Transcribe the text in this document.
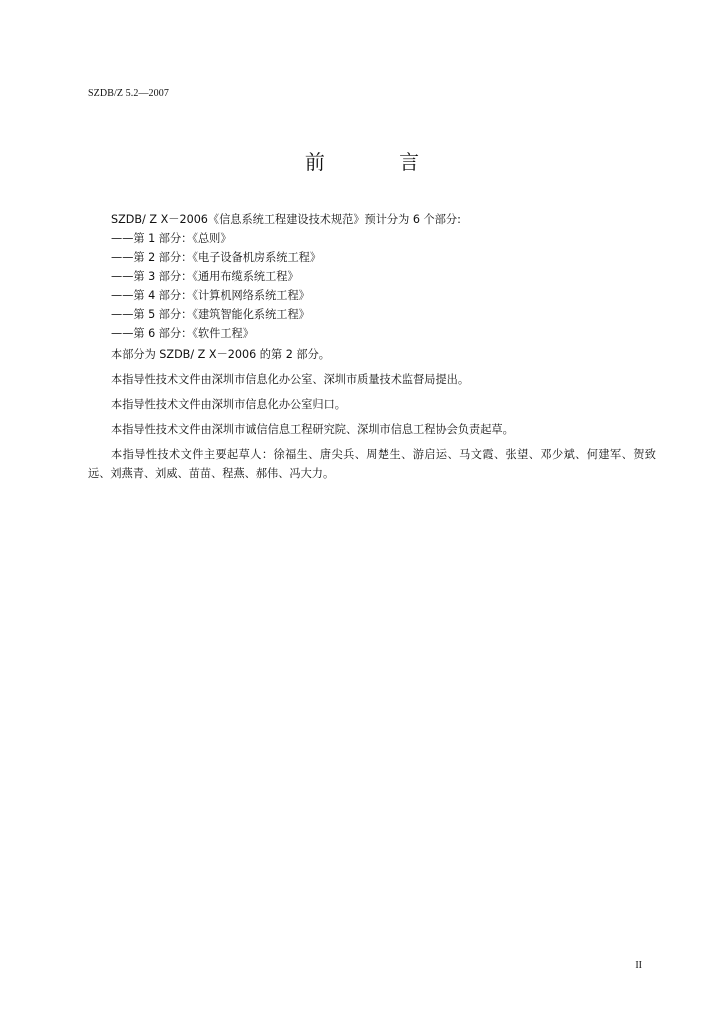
SZDB/Z 5.2—2007
前 言

SZDB/ Z X－2006《信息系统工程建设技术规范》预计分为 6 个部分:

——第 1 部分：《总则》
——第 2 部分：《电子设备机房系统工程》
——第 3 部分：《通用布缆系统工程》
——第 4 部分：《计算机网络系统工程》
——第 5 部分：《建筑智能化系统工程》
——第 6 部分：《软件工程》

本部分为 SZDB/ Z X－2006 的第 2 部分。

本指导性技术文件由深圳市信息化办公室、深圳市质量技术监督局提出。

本指导性技术文件由深圳市信息化办公室归口。

本指导性技术文件由深圳市诚信信息工程研究院、深圳市信息工程协会负责起草。

本指导性技术文件主要起草人：徐福生、唐尖兵、周楚生、游启运、马文霞、张望、邓少斌、何建军、贺致远、刘燕青、刘威、苗苗、程燕、郝伟、冯大力。

II
